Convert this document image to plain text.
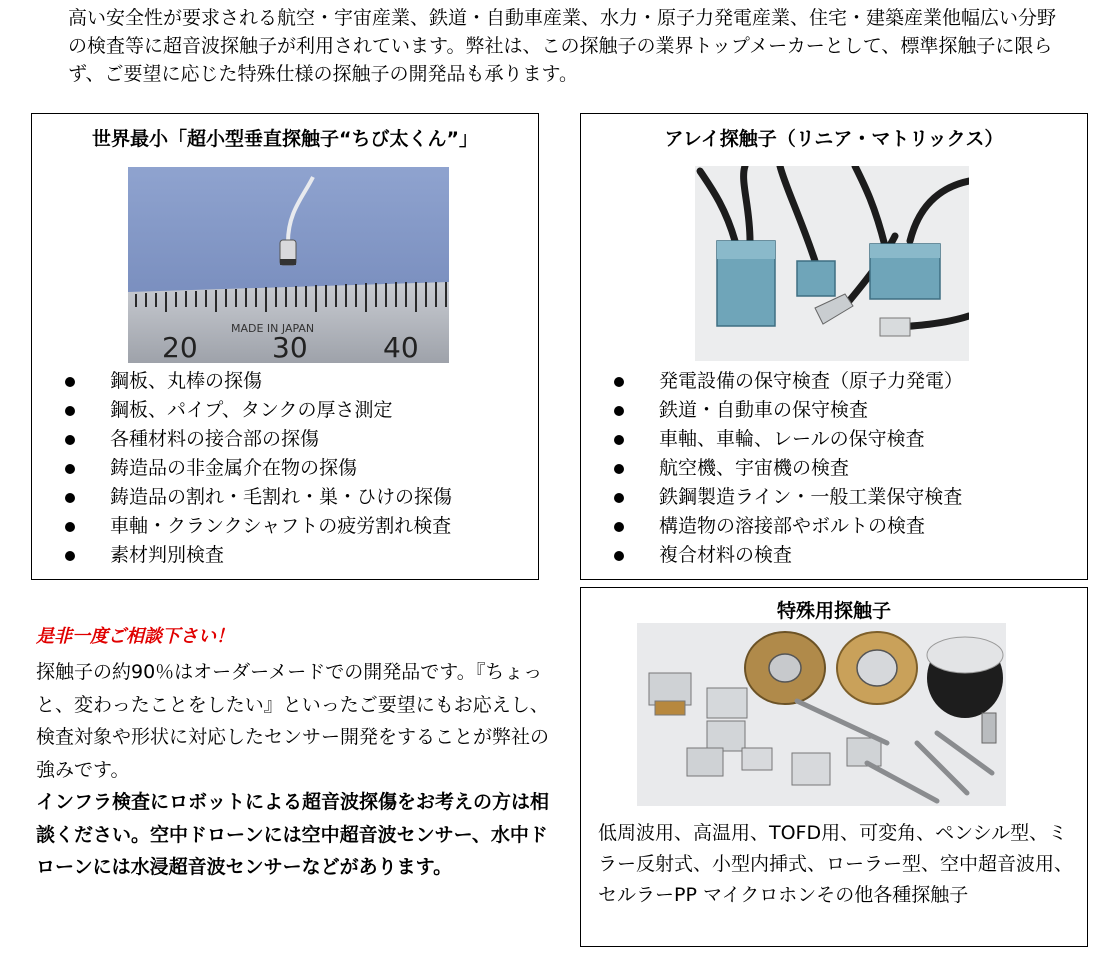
高い安全性が要求される航空・宇宙産業、鉄道・自動車産業、水力・原子力発電産業、住宅・建築産業他幅広い分野の検査等に超音波探触子が利用されています。弊社は、この探触子の業界トップメーカーとして、標準探触子に限らず、ご要望に応じた特殊仕様の探触子の開発品も承ります。

世界最小「超小型垂直探触子“ちび太くん”」
MADE IN JAPAN
20	30	40
鋼板、丸棒の探傷
鋼板、パイプ、タンクの厚さ測定
各種材料の接合部の探傷
鋳造品の非金属介在物の探傷
鋳造品の割れ・毛割れ・巣・ひけの探傷
車軸・クランクシャフトの疲労割れ検査
素材判別検査
アレイ探触子（リニア・マトリックス）
発電設備の保守検査（原子力発電）
鉄道・自動車の保守検査
車軸、車輪、レールの保守検査
航空機、宇宙機の検査
鉄鋼製造ライン・一般工業保守検査
構造物の溶接部やボルトの検査
複合材料の検査
是非一度ご相談下さい！

探触子の約90％はオーダーメードでの開発品です。『ちょっと、変わったことをしたい』といったご要望にもお応えし、検査対象や形状に対応したセンサー開発をすることが弊社の強みです。

インフラ検査にロボットによる超音波探傷をお考えの方は相談ください。空中ドローンには空中超音波センサー、水中ドローンには水浸超音波センサーなどがあります。

特殊用探触子

低周波用、高温用、TOFD用、可変角、ペンシル型、ミラー反射式、小型内挿式、ローラー型、空中超音波用、セルラーPP マイクロホンその他各種探触子
